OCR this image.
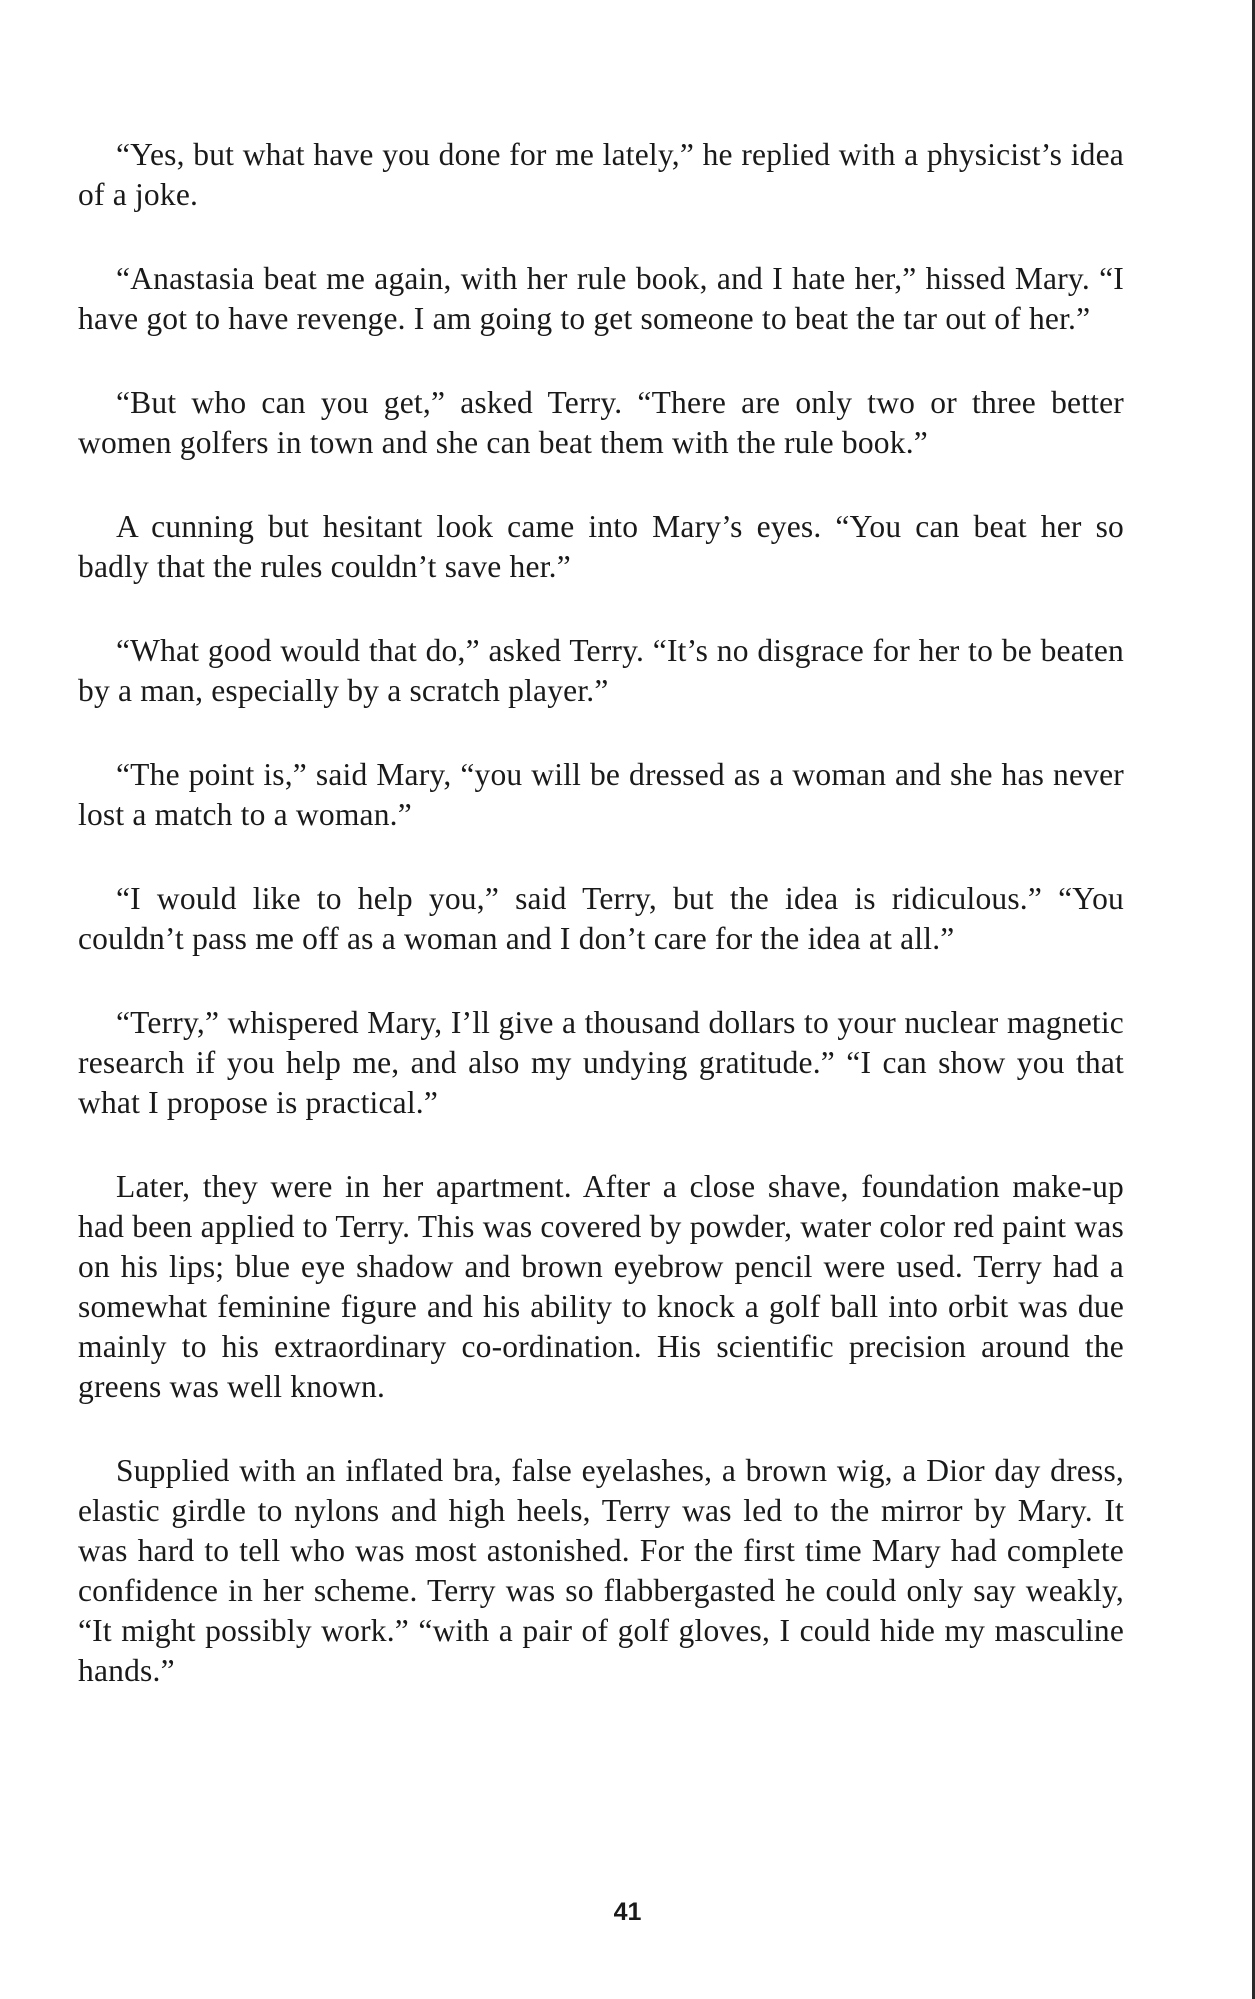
“Yes, but what have you done for me lately,” he replied with a physicist’s idea of a joke.

“Anastasia beat me again, with her rule book, and I hate her,” hissed Mary. “I have got to have revenge. I am going to get someone to beat the tar out of her.”

“But who can you get,” asked Terry. “There are only two or three better women golfers in town and she can beat them with the rule book.”

A cunning but hesitant look came into Mary’s eyes. “You can beat her so badly that the rules couldn’t save her.”

“What good would that do,” asked Terry. “It’s no disgrace for her to be beaten by a man, especially by a scratch player.”

“The point is,” said Mary, “you will be dressed as a woman and she has never lost a match to a woman.”

“I would like to help you,” said Terry, but the idea is ridiculous.” “You couldn’t pass me off as a woman and I don’t care for the idea at all.”

“Terry,” whispered Mary, I’ll give a thousand dollars to your nuclear magnetic research if you help me, and also my undying gratitude.” “I can show you that what I propose is practical.”

Later, they were in her apartment. After a close shave, foundation make-up had been applied to Terry. This was covered by powder, water color red paint was on his lips; blue eye shadow and brown eyebrow pencil were used. Terry had a somewhat feminine figure and his ability to knock a golf ball into orbit was due mainly to his extraordinary co-ordination. His scientific precision around the greens was well known.

Supplied with an inflated bra, false eyelashes, a brown wig, a Dior day dress, elastic girdle to nylons and high heels, Terry was led to the mirror by Mary. It was hard to tell who was most astonished. For the first time Mary had complete confidence in her scheme. Terry was so flabbergasted he could only say weakly, “It might possibly work.” “with a pair of golf gloves, I could hide my masculine hands.”

41
